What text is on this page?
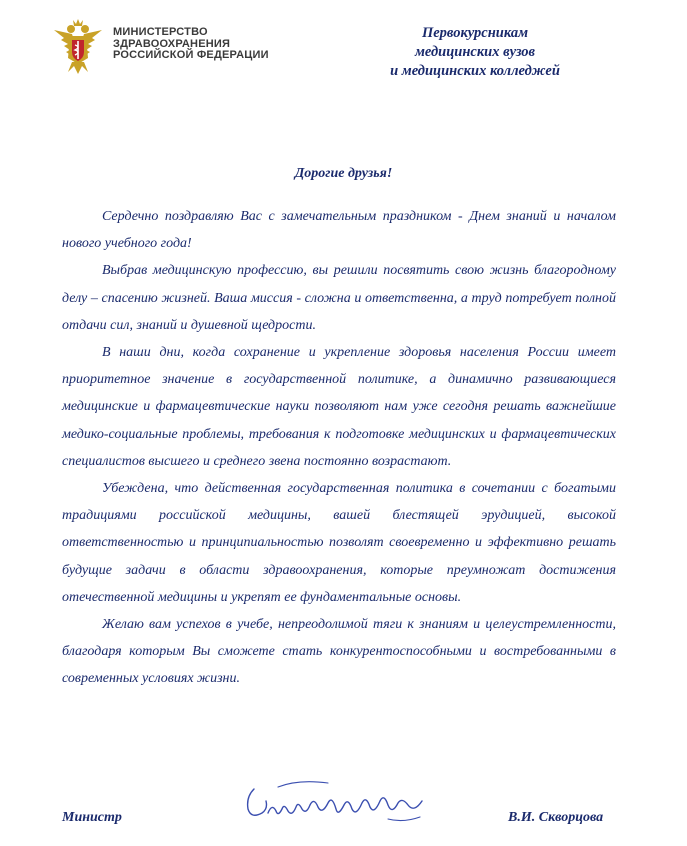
МИНИСТЕРСТВО
ЗДРАВООХРАНЕНИЯ
РОССИЙСКОЙ ФЕДЕРАЦИИ
Первокурсникам
медицинских вузов
и медицинских колледжей
Дорогие друзья!

Сердечно поздравляю Вас с замечательным праздником - Днем знаний и началом нового учебного года!

Выбрав медицинскую профессию, вы решили посвятить свою жизнь благородному делу – спасению жизней. Ваша миссия - сложна и ответственна, а труд потребует полной отдачи сил, знаний и душевной щедрости.

В наши дни, когда сохранение и укрепление здоровья населения России имеет приоритетное значение в государственной политике, а динамично развивающиеся медицинские и фармацевтические науки позволяют нам уже сегодня решать важнейшие медико-социальные проблемы, требования к подготовке медицинских и фармацевтических специалистов высшего и среднего звена постоянно возрастают.

Убеждена, что действенная государственная политика в сочетании с богатыми традициями российской медицины, вашей блестящей эрудицией, высокой ответственностью и принципиальностью позволят своевременно и эффективно решать будущие задачи в области здравоохранения, которые преумножат достижения отечественной медицины и укрепят ее фундаментальные основы.

Желаю вам успехов в учебе, непреодолимой тяги к знаниям и целеустремленности, благодаря которым Вы сможете стать конкурентоспособными и востребованными в современных условиях жизни.

Министр	В.И. Скворцова
